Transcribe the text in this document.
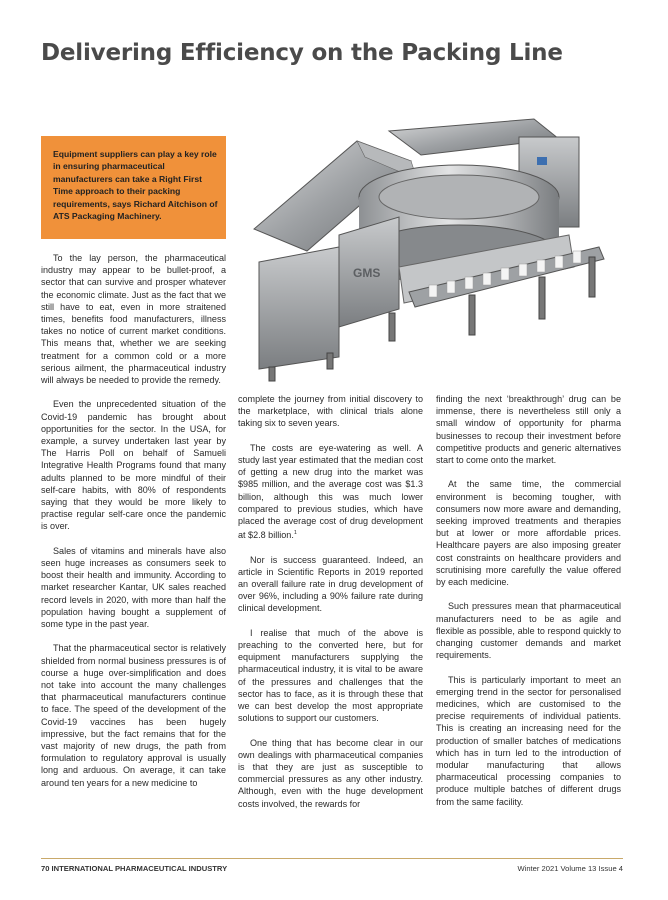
Delivering Efficiency on the Packing Line

Equipment suppliers can play a key role in ensuring pharmaceutical manufacturers can take a Right First Time approach to their packing requirements, says Richard Aitchison of ATS Packaging Machinery.

GMS

To the lay person, the pharmaceutical industry may appear to be bullet-proof, a sector that can survive and prosper whatever the economic climate. Just as the fact that we still have to eat, even in more straitened times, benefits food manufacturers, illness takes no notice of current market conditions. This means that, whether we are seeking treatment for a common cold or a more serious ailment, the pharmaceutical industry will always be needed to provide the remedy.

Even the unprecedented situation of the Covid-19 pandemic has brought about opportunities for the sector. In the USA, for example, a survey undertaken last year by The Harris Poll on behalf of Samueli Integrative Health Programs found that many adults planned to be more mindful of their self-care habits, with 80% of respondents saying that they would be more likely to practise regular self-care once the pandemic is over.

Sales of vitamins and minerals have also seen huge increases as consumers seek to boost their health and immunity. According to market researcher Kantar, UK sales reached record levels in 2020, with more than half the population having bought a supplement of some type in the past year.

That the pharmaceutical sector is relatively shielded from normal business pressures is of course a huge over-simplification and does not take into account the many challenges that pharmaceutical manufacturers continue to face. The speed of the development of the Covid-19 vaccines has been hugely impressive, but the fact remains that for the vast majority of new drugs, the path from formulation to regulatory approval is usually long and arduous. On average, it can take around ten years for a new medicine to

complete the journey from initial discovery to the marketplace, with clinical trials alone taking six to seven years.

The costs are eye-watering as well. A study last year estimated that the median cost of getting a new drug into the market was $985 million, and the average cost was $1.3 billion, although this was much lower compared to previous studies, which have placed the average cost of drug development at $2.8 billion.$^1$

Nor is success guaranteed. Indeed, an article in Scientific Reports in 2019 reported an overall failure rate in drug development of over 96%, including a 90% failure rate during clinical development.

I realise that much of the above is preaching to the converted here, but for equipment manufacturers supplying the pharmaceutical industry, it is vital to be aware of the pressures and challenges that the sector has to face, as it is through these that we can best develop the most appropriate solutions to support our customers.

One thing that has become clear in our own dealings with pharmaceutical companies is that they are just as susceptible to commercial pressures as any other industry. Although, even with the huge development costs involved, the rewards for

finding the next ‘breakthrough’ drug can be immense, there is nevertheless still only a small window of opportunity for pharma businesses to recoup their investment before competitive products and generic alternatives start to come onto the market.

At the same time, the commercial environment is becoming tougher, with consumers now more aware and demanding, seeking improved treatments and therapies but at lower or more affordable prices. Healthcare payers are also imposing greater cost constraints on healthcare providers and scrutinising more carefully the value offered by each medicine.

Such pressures mean that pharmaceutical manufacturers need to be as agile and flexible as possible, able to respond quickly to changing customer demands and market requirements.

This is particularly important to meet an emerging trend in the sector for personalised medicines, which are customised to the precise requirements of individual patients. This is creating an increasing need for the production of smaller batches of medications which has in turn led to the introduction of modular manufacturing that allows pharmaceutical processing companies to produce multiple batches of different drugs from the same facility.

70 INTERNATIONAL PHARMACEUTICAL INDUSTRY	Winter 2021 Volume 13 Issue 4
